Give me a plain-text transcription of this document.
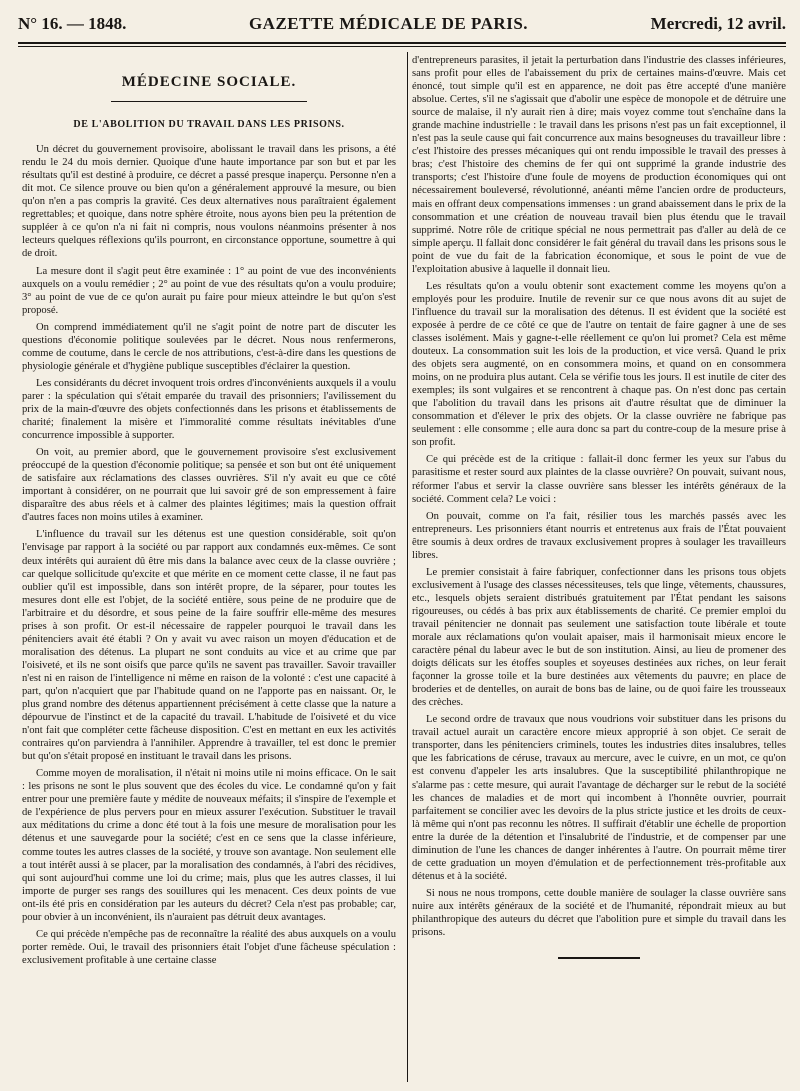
N° 16. — 1848.	GAZETTE MÉDICALE DE PARIS.	Mercredi, 12 avril.
MÉDECINE SOCIALE.
DE L'ABOLITION DU TRAVAIL DANS LES PRISONS.

Un décret du gouvernement provisoire, abolissant le travail dans les prisons, a été rendu le 24 du mois dernier. Quoique d'une haute importance par son but et par les résultats qu'il est destiné à produire, ce décret a passé presque inaperçu. Personne n'en a dit mot. Ce silence prouve ou bien qu'on a généralement approuvé la mesure, ou bien qu'on n'en a pas compris la gravité. Ces deux alternatives nous paraîtraient également regrettables; et quoique, dans notre sphère étroite, nous ayons bien peu la prétention de suppléer à ce qu'on n'a ni fait ni compris, nous voulons néanmoins présenter à nos lecteurs quelques réflexions qu'ils pourront, en circonstance opportune, soumettre à qui de droit.

La mesure dont il s'agit peut être examinée : 1° au point de vue des inconvénients auxquels on a voulu remédier ; 2° au point de vue des résultats qu'on a voulu produire; 3° au point de vue de ce qu'on aurait pu faire pour mieux atteindre le but qu'on s'est proposé.

On comprend immédiatement qu'il ne s'agit point de notre part de discuter les questions d'économie politique soulevées par le décret. Nous nous renfermerons, comme de coutume, dans le cercle de nos attributions, c'est-à-dire dans les questions de physiologie générale et d'hygiène publique susceptibles d'éclairer la question.

Les considérants du décret invoquent trois ordres d'inconvénients auxquels il a voulu parer : la spéculation qui s'était emparée du travail des prisonniers; l'avilissement du prix de la main-d'œuvre des objets confectionnés dans les prisons et établissements de charité; finalement la misère et l'immoralité comme résultats inévitables d'une concurrence impossible à supporter.

On voit, au premier abord, que le gouvernement provisoire s'est exclusivement préoccupé de la question d'économie politique; sa pensée et son but ont été uniquement de satisfaire aux réclamations des classes ouvrières. S'il n'y avait eu que ce côté important à considérer, on ne pourrait que lui savoir gré de son empressement à faire disparaître des abus réels et à calmer des plaintes légitimes; mais la question offrait d'autres faces non moins utiles à examiner.

L'influence du travail sur les détenus est une question considérable, soit qu'on l'envisage par rapport à la société ou par rapport aux condamnés eux-mêmes. Ce sont deux intérêts qui auraient dû être mis dans la balance avec ceux de la classe ouvrière ; car quelque sollicitude qu'excite et que mérite en ce moment cette classe, il ne faut pas oublier qu'il est impossible, dans son intérêt propre, de la séparer, pour toutes les mesures dont elle est l'objet, de la société entière, sous peine de ne produire que de l'arbitraire et du désordre, et sous peine de la faire souffrir elle-même des mesures prises à son profit. Or est-il nécessaire de rappeler pourquoi le travail dans les pénitenciers avait été établi ? On y avait vu avec raison un moyen d'éducation et de moralisation des détenus. La plupart ne sont conduits au vice et au crime que par l'oisiveté, et ils ne sont oisifs que parce qu'ils ne savent pas travailler. Savoir travailler n'est ni en raison de l'intelligence ni même en raison de la volonté : c'est une capacité à part, qu'on n'acquiert que par l'habitude quand on ne l'apporte pas en naissant. Or, le plus grand nombre des détenus appartiennent précisément à cette classe que la nature a dépourvue de l'instinct et de la capacité du travail. L'habitude de l'oisiveté et du vice n'ont fait que compléter cette fâcheuse disposition. C'est en mettant en eux les activités contraires qu'on parviendra à l'annihiler. Apprendre à travailler, tel est donc le premier but qu'on s'était proposé en instituant le travail dans les prisons.

Comme moyen de moralisation, il n'était ni moins utile ni moins efficace. On le sait : les prisons ne sont le plus souvent que des écoles du vice. Le condamné qu'on y fait entrer pour une première faute y médite de nouveaux méfaits; il s'inspire de l'exemple et de l'expérience de plus pervers pour en mieux assurer l'exécution. Substituer le travail aux méditations du crime a donc été tout à la fois une mesure de moralisation pour les détenus et une sauvegarde pour la société; c'est en ce sens que la classe inférieure, comme toutes les autres classes de la société, y trouve son avantage. Non seulement elle a tout intérêt aussi à se placer, par la moralisation des condamnés, à l'abri des récidives, qui sont aujourd'hui comme une loi du crime; mais, plus que les autres classes, il lui importe de purger ses rangs des souillures qui les menacent. Ces deux points de vue ont-ils été pris en considération par les auteurs du décret? Cela n'est pas probable; car, pour obvier à un inconvénient, ils n'auraient pas détruit deux avantages.

Ce qui précède n'empêche pas de reconnaître la réalité des abus auxquels on a voulu porter remède. Oui, le travail des prisonniers était l'objet d'une fâcheuse spéculation : exclusivement profitable à une certaine classe

d'entrepreneurs parasites, il jetait la perturbation dans l'industrie des classes inférieures, sans profit pour elles de l'abaissement du prix de certaines mains-d'œuvre. Mais cet énoncé, tout simple qu'il est en apparence, ne doit pas être accepté d'une manière absolue. Certes, s'il ne s'agissait que d'abolir une espèce de monopole et de détruire une source de malaise, il n'y aurait rien à dire; mais voyez comme tout s'enchaîne dans la grande machine industrielle : le travail dans les prisons n'est pas un fait exceptionnel, il n'est pas la seule cause qui fait concurrence aux mains besogneuses du travailleur libre : c'est l'histoire des presses mécaniques qui ont rendu impossible le travail des presses à bras; c'est l'histoire des chemins de fer qui ont supprimé la grande industrie des transports; c'est l'histoire d'une foule de moyens de production économiques qui ont nécessairement bouleversé, révolutionné, anéanti même l'ancien ordre de producteurs, mais en offrant deux compensations immenses : un grand abaissement dans le prix de la consommation et une création de nouveau travail bien plus étendu que le travail supprimé. Notre rôle de critique spécial ne nous permettrait pas d'aller au delà de ce simple aperçu. Il fallait donc considérer le fait général du travail dans les prisons sous le point de vue du fait de la fabrication économique, et sous le point de vue de l'exploitation abusive à laquelle il donnait lieu.

Les résultats qu'on a voulu obtenir sont exactement comme les moyens qu'on a employés pour les produire. Inutile de revenir sur ce que nous avons dit au sujet de l'influence du travail sur la moralisation des détenus. Il est évident que la société est exposée à perdre de ce côté ce que de l'autre on tentait de faire gagner à une de ses classes isolément. Mais y gagne-t-elle réellement ce qu'on lui promet? Cela est même douteux. La consommation suit les lois de la production, et vice versâ. Quand le prix des objets sera augmenté, on en consommera moins, et quand on en consommera moins, on ne produira plus autant. Cela se vérifie tous les jours. Il est inutile de citer des exemples; ils sont vulgaires et se rencontrent à chaque pas. On n'est donc pas certain que l'abolition du travail dans les prisons ait d'autre résultat que de diminuer la consommation et d'élever le prix des objets. Or la classe ouvrière ne fabrique pas seulement : elle consomme ; elle aura donc sa part du contre-coup de la mesure prise à son profit.

Ce qui précède est de la critique : fallait-il donc fermer les yeux sur l'abus du parasitisme et rester sourd aux plaintes de la classe ouvrière? On pouvait, suivant nous, réformer l'abus et servir la classe ouvrière sans blesser les intérêts généraux de la société. Comment cela? Le voici :

On pouvait, comme on l'a fait, résilier tous les marchés passés avec les entrepreneurs. Les prisonniers étant nourris et entretenus aux frais de l'État pouvaient être soumis à deux ordres de travaux exclusivement propres à soulager les travailleurs libres.

Le premier consistait à faire fabriquer, confectionner dans les prisons tous objets exclusivement à l'usage des classes nécessiteuses, tels que linge, vêtements, chaussures, etc., lesquels objets seraient distribués gratuitement par l'État pendant les saisons rigoureuses, ou cédés à bas prix aux établissements de charité. Ce premier emploi du travail pénitencier ne donnait pas seulement une satisfaction toute libérale et toute morale aux réclamations qu'on voulait apaiser, mais il harmonisait mieux encore le caractère pénal du labeur avec le but de son institution. Ainsi, au lieu de promener des doigts délicats sur les étoffes souples et soyeuses destinées aux riches, on leur ferait façonner la grosse toile et la bure destinées aux vêtements du pauvre; en place de broderies et de dentelles, on aurait de bons bas de laine, ou de quoi faire les trousseaux des crèches.

Le second ordre de travaux que nous voudrions voir substituer dans les prisons du travail actuel aurait un caractère encore mieux approprié à son objet. Ce serait de transporter, dans les pénitenciers criminels, toutes les industries dites insalubres, telles que les fabrications de céruse, travaux au mercure, avec le cuivre, en un mot, ce qu'on est convenu d'appeler les arts insalubres. Que la susceptibilité philanthropique ne s'alarme pas : cette mesure, qui aurait l'avantage de décharger sur le rebut de la société les chances de maladies et de mort qui incombent à l'honnête ouvrier, pourrait parfaitement se concilier avec les devoirs de la plus stricte justice et les droits de ceux-là même qui n'ont pas reconnu les nôtres. Il suffirait d'établir une échelle de proportion entre la durée de la détention et l'insalubrité de l'industrie, et de compenser par une diminution de l'une les chances de danger inhérentes à l'autre. On pourrait même tirer de cette graduation un moyen d'émulation et de perfectionnement très-profitable aux détenus et à la société.

Si nous ne nous trompons, cette double manière de soulager la classe ouvrière sans nuire aux intérêts généraux de la société et de l'humanité, répondrait mieux au but philanthropique des auteurs du décret que l'abolition pure et simple du travail dans les prisons.
